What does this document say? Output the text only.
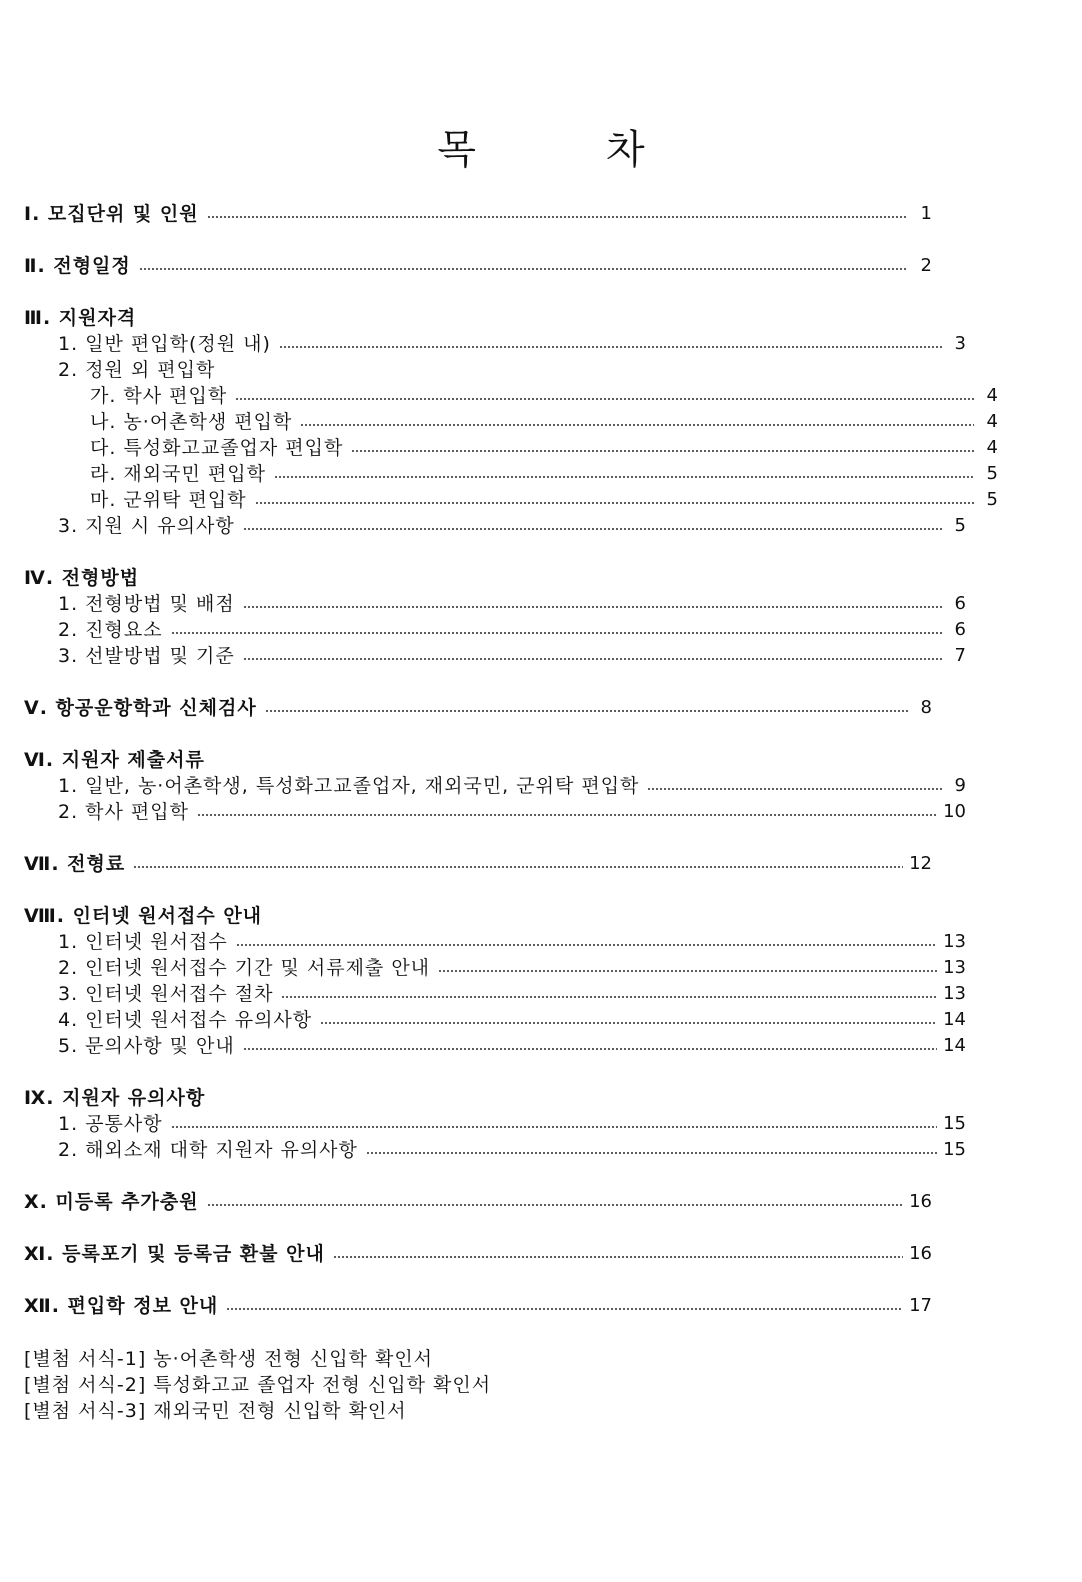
목	차
Ⅰ. 모집단위 및 인원	1
Ⅱ. 전형일정	2
Ⅲ. 지원자격
1. 일반 편입학(정원 내)	3
2. 정원 외 편입학
가. 학사 편입학	4
나. 농·어촌학생 편입학	4
다. 특성화고교졸업자 편입학	4
라. 재외국민 편입학	5
마. 군위탁 편입학	5
3. 지원 시 유의사항	5
Ⅳ. 전형방법
1. 전형방법 및 배점	6
2. 진형요소	6
3. 선발방법 및 기준	7
Ⅴ. 항공운항학과 신체검사	8
Ⅵ. 지원자 제출서류
1. 일반, 농·어촌학생, 특성화고교졸업자, 재외국민, 군위탁 편입학	9
2. 학사 편입학	10
Ⅶ. 전형료	12
Ⅷ. 인터넷 원서접수 안내
1. 인터넷 원서접수	13
2. 인터넷 원서접수 기간 및 서류제출 안내	13
3. 인터넷 원서접수 절차	13
4. 인터넷 원서접수 유의사항	14
5. 문의사항 및 안내	14
Ⅸ. 지원자 유의사항
1. 공통사항	15
2. 해외소재 대학 지원자 유의사항	15
Ⅹ. 미등록 추가충원	16
Ⅺ. 등록포기 및 등록금 환불 안내	16
Ⅻ. 편입학 정보 안내	17
[별첨 서식-1] 농·어촌학생 전형 신입학 확인서
[별첨 서식-2] 특성화고교 졸업자 전형 신입학 확인서
[별첨 서식-3] 재외국민 전형 신입학 확인서
